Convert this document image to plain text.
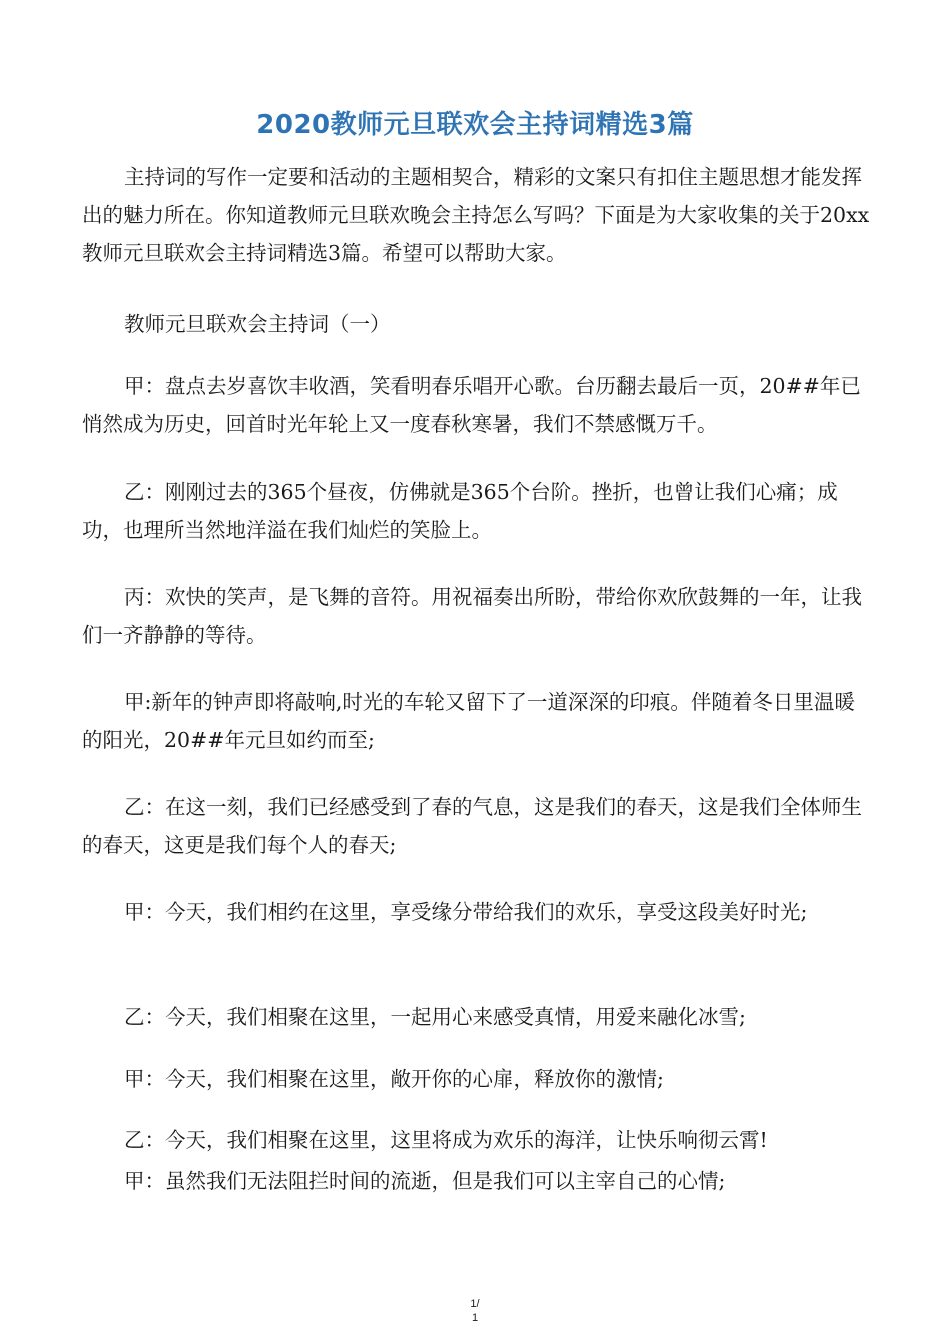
2020教师元旦联欢会主持词精选3篇

主持词的写作一定要和活动的主题相契合，精彩的文案只有扣住主题思想才能发挥出的魅力所在。你知道教师元旦联欢晚会主持怎么写吗？下面是为大家收集的关于20xx教师元旦联欢会主持词精选3篇。希望可以帮助大家。

教师元旦联欢会主持词（一）

甲：盘点去岁喜饮丰收酒，笑看明春乐唱开心歌。台历翻去最后一页，20##年已悄然成为历史，回首时光年轮上又一度春秋寒暑，我们不禁感慨万千。

乙：刚刚过去的365个昼夜，仿佛就是365个台阶。挫折，也曾让我们心痛；成功，也理所当然地洋溢在我们灿烂的笑脸上。

丙：欢快的笑声，是飞舞的音符。用祝福奏出所盼，带给你欢欣鼓舞的一年，让我们一齐静静的等待。

甲:新年的钟声即将敲响,时光的车轮又留下了一道深深的印痕。伴随着冬日里温暖的阳光，20##年元旦如约而至;

乙：在这一刻，我们已经感受到了春的气息，这是我们的春天，这是我们全体师生的春天，这更是我们每个人的春天;

甲：今天，我们相约在这里，享受缘分带给我们的欢乐，享受这段美好时光;

乙：今天，我们相聚在这里，一起用心来感受真情，用爱来融化冰雪;

甲：今天，我们相聚在这里，敞开你的心扉，释放你的激情;

乙：今天，我们相聚在这里，这里将成为欢乐的海洋，让快乐响彻云霄!

甲：虽然我们无法阻拦时间的流逝，但是我们可以主宰自己的心情;

1/
1
